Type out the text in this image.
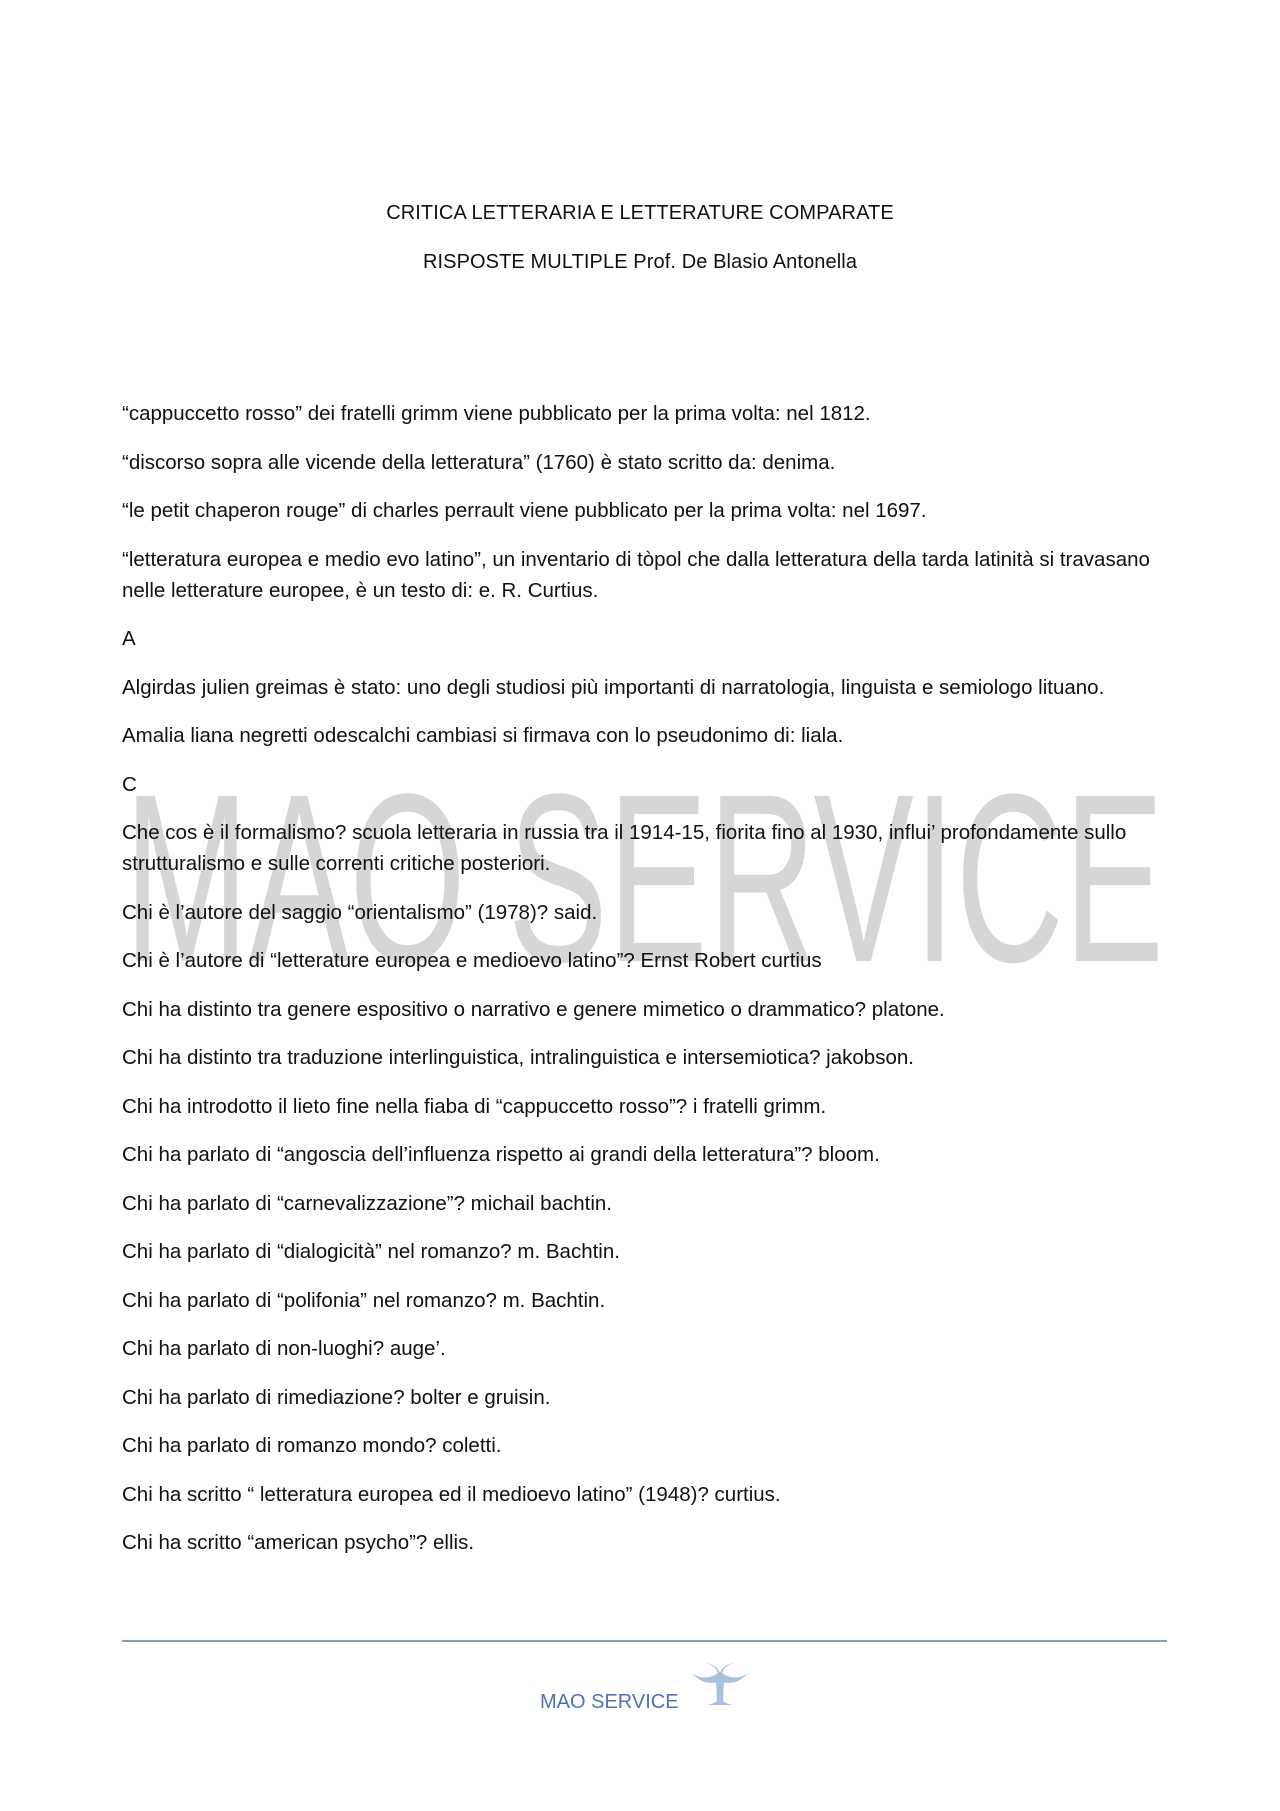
CRITICA LETTERARIA E LETTERATURE COMPARATE
RISPOSTE MULTIPLE Prof. De Blasio Antonella
MAO SERVICE

“cappuccetto rosso” dei fratelli grimm viene pubblicato per la prima volta: nel 1812.

“discorso sopra alle vicende della letteratura” (1760) è stato scritto da: denima.

“le petit chaperon rouge” di charles perrault viene pubblicato per la prima volta: nel 1697.

“letteratura europea e medio evo latino”, un inventario di tòpol che dalla letteratura della tarda latinità si travasano nelle letterature europee, è un testo di: e. R. Curtius.

A

Algirdas julien greimas è stato: uno degli studiosi più importanti di narratologia, linguista e semiologo lituano.

Amalia liana negretti odescalchi cambiasi si firmava con lo pseudonimo di: liala.

C

Che cos è il formalismo? scuola letteraria in russia tra il 1914-15, fiorita fino al 1930, influi’ profondamente sullo strutturalismo e sulle correnti critiche posteriori.

Chi è l’autore del saggio “orientalismo” (1978)? said.

Chi è l’autore di “letterature europea e medioevo latino”? Ernst Robert curtius

Chi ha distinto tra genere espositivo o narrativo e genere mimetico o drammatico? platone.

Chi ha distinto tra traduzione interlinguistica, intralinguistica e intersemiotica? jakobson.

Chi ha introdotto il lieto fine nella fiaba di “cappuccetto rosso”? i fratelli grimm.

Chi ha parlato di “angoscia dell’influenza rispetto ai grandi della letteratura”? bloom.

Chi ha parlato di “carnevalizzazione”? michail bachtin.

Chi ha parlato di “dialogicità” nel romanzo? m. Bachtin.

Chi ha parlato di “polifonia” nel romanzo? m. Bachtin.

Chi ha parlato di non-luoghi? auge’.

Chi ha parlato di rimediazione? bolter e gruisin.

Chi ha parlato di romanzo mondo? coletti.

Chi ha scritto “ letteratura europea ed il medioevo latino” (1948)? curtius.

Chi ha scritto “american psycho”? ellis.

MAO SERVICE
